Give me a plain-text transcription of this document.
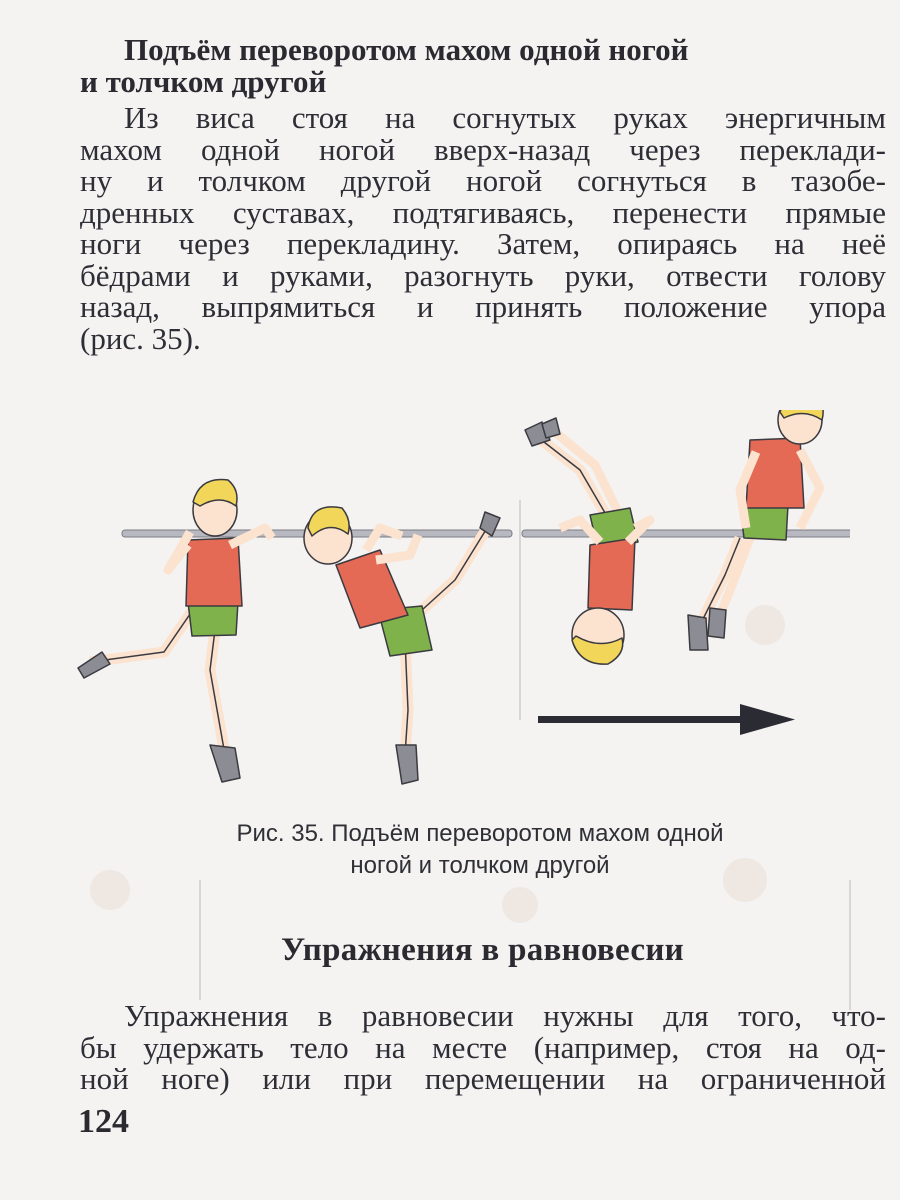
Подъём переворотом махом одной ногой
и толчком другой

Из виса стоя на согнутых руках энергичным
махом одной ногой вверх-назад через переклади-
ну и толчком другой ногой согнуться в тазобе-
дренных суставах, подтягиваясь, перенести прямые
ноги через перекладину. Затем, опираясь на неё
бёдрами и руками, разогнуть руки, отвести голову
назад, выпрямиться и принять положение упора
(рис. 35).

Рис. 35. Подъём переворотом махом одной
ногой и толчком другой

Упражнения в равновесии

Упражнения в равновесии нужны для того, что-
бы удержать тело на месте (например, стоя на од-
ной ноге) или при перемещении на ограниченной

124
